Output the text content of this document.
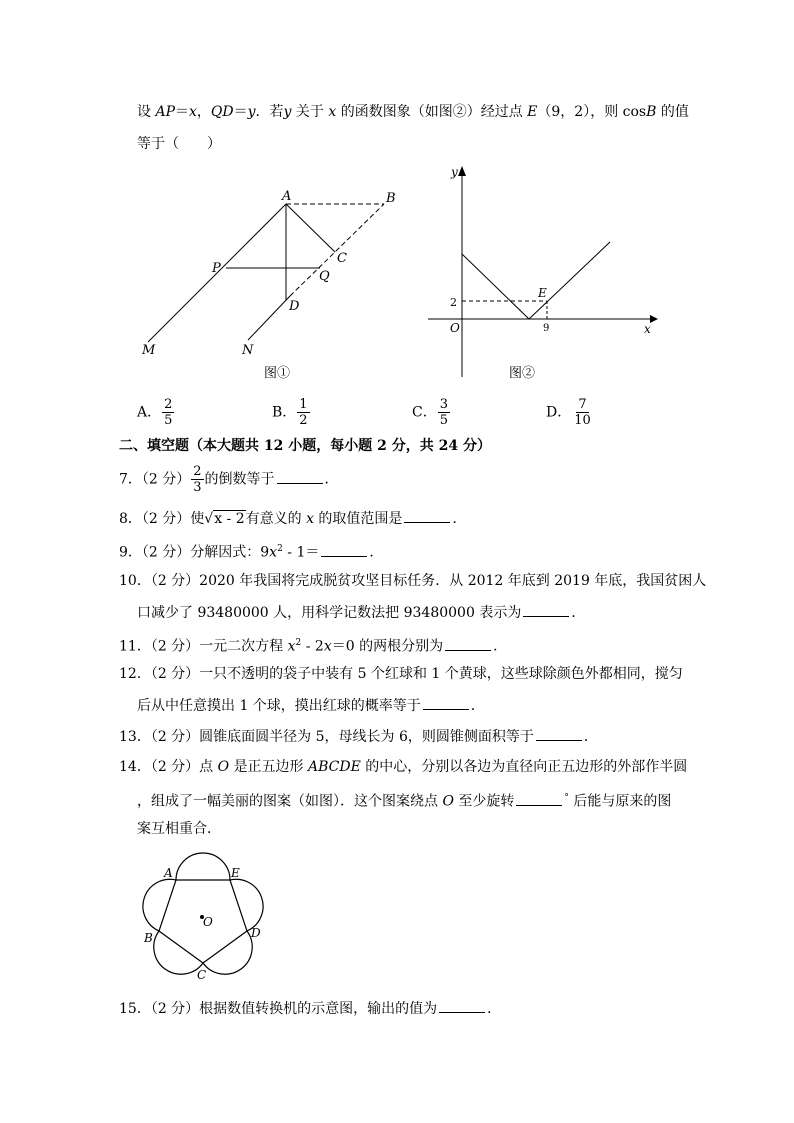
设 AP＝x，QD＝y．若y 关于 x 的函数图象（如图②）经过点 E（9，2），则 cosB 的值
等于（　　）
A	B
C
D
P
Q
M	N
图①
y
x
O
E
2
9
图②
A． $\frac{2}{5}$	B． $\frac{1}{2}$	C． $\frac{3}{5}$	D． $\frac{7}{10}$
二、填空题（本大题共 12 小题，每小题 2 分，共 24 分）
7．（2 分） $\frac{2}{3}$ 的倒数等于	．
8．（2 分）使√x - 2有意义的 x 的取值范围是	．
9．（2 分）分解因式：$9x^2 - 1=$	．
10．（2 分）2020 年我国将完成脱贫攻坚目标任务．从 2012 年底到 2019 年底，我国贫困人
口减少了 93480000 人，用科学记数法把 93480000 表示为	．
11．（2 分）一元二次方程 $x^2 - 2x=0$ 的两根分别为	．
12．（2 分）一只不透明的袋子中装有 5 个红球和 1 个黄球，这些球除颜色外都相同，搅匀
后从中任意摸出 1 个球，摸出红球的概率等于	．
13．（2 分）圆锥底面圆半径为 5，母线长为 6，则圆锥侧面积等于	．
14．（2 分）点 O 是正五边形 ABCDE 的中心，分别以各边为直径向正五边形的外部作半圆
，组成了一幅美丽的图案（如图）．这个图案绕点 O 至少旋转	° 后能与原来的图
案互相重合．
A	E
B	D
C
O
15．（2 分）根据数值转换机的示意图，输出的值为	．
